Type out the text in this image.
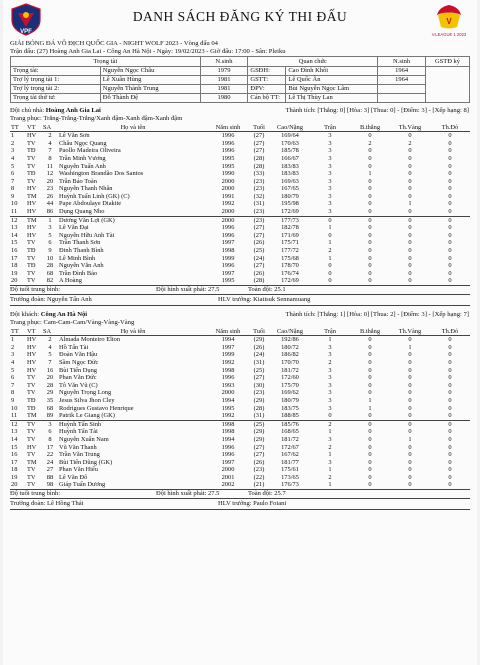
VPF
DANH SÁCH ĐĂNG KÝ THI ĐẤU	V
V.LEAGUE 1 2023
GIẢI BÓNG ĐÁ VÔ ĐỊCH QUỐC GIA - NIGHT WOLF 2023 - Vòng đấu 04
Trận đấu: (27) Hoàng Anh Gia Lai - Công An Hà Nội - Ngày: 19/02/2023 - Giờ đấu: 17:00 - Sân: Pleiku
Trọng tài		N.sinh	Quan chức		N.sinh	GSTĐ ký
Trọng tài:	Nguyễn Ngọc Châu	1979	GSĐH:	Cao Đình Khôi	1964	
Trợ lý trọng tài 1:	Lê Xuân Hùng	1981	GSTT:	Lê Quốc Ân	1964	
Trợ lý trọng tài 2:	Nguyễn Thành Trung	1981	ĐPV:	Bùi Nguyễn Ngọc Lâm		
Trọng tài thứ tư:	Đỗ Thành Đệ	1980	Cán bộ TT:	Lê Thị Thùy Lan		
Đội chủ nhà: Hoàng Anh Gia Lai	Thành tích: [Thắng: 0] [Hòa: 3] [Thua: 0] - [Điểm: 3] - [Xếp hạng: 8]
Trang phục: Trắng-Trắng-Trắng/Xanh đậm-Xanh đậm-Xanh đậm
TT	VT	SA	Họ và tên	Năm sinh	Tuổi	Cao/Nặng	Trận	B.thắng	Th.Vàng	Th.Đỏ
1	HV	2	Lê Văn Sơn	1996	(27)	169/64	3	0	0	0
2	TV	4	Châu Ngọc Quang	1996	(27)	170/63	3	2	2	0
3	TĐ	7	Paollo Madeira Oliveira	1996	(27)	185/78	3	0	0	0
4	TV	8	Trần Minh Vương	1995	(28)	166/67	3	0	0	0
5	TV	11	Nguyễn Tuấn Anh	1995	(28)	183/83	3	0	0	0
6	TĐ	12	Washington Brandão Dos Santos	1990	(33)	183/83	3	1	0	0
7	TV	20	Trần Bảo Toàn	2000	(23)	169/63	3	0	0	0
8	HV	23	Nguyễn Thanh Nhân	2000	(23)	167/65	3	0	0	0
9	TM	26	Huỳnh Tuấn Linh (GK) (C)	1991	(32)	180/79	3	0	0	0
10	HV	44	Pape Abdoulaye Diakite	1992	(31)	195/98	3	0	1	0
11	HV	86	Dụng Quang Nho	2000	(23)	172/69	3	0	0	0
12	TM	1	Dương Văn Lợi (GK)	2000	(23)	177/73	0	0	0	0
13	HV	3	Lê Văn Đại	1996	(27)	182/78	1	0	0	0
14	HV	5	Nguyễn Hữu Anh Tài	1996	(27)	171/69	0	0	0	0
15	TV	6	Trần Thanh Sơn	1997	(26)	175/71	1	0	0	0
16	TĐ	9	Đinh Thanh Bình	1998	(25)	177/72	2	0	0	0
17	TV	10	Lê Minh Bình	1999	(24)	175/68	1	0	0	0
18	TĐ	28	Nguyễn Văn Anh	1996	(27)	178/70	0	0	0	0
19	TV	68	Trần Đình Bảo	1997	(26)	176/74	0	0	0	0
20	TV	82	A Hoàng	1995	(28)	172/69	0	0	0	0
Độ tuổi trung bình:	Đội hình xuất phát: 27.5	Toàn đội: 25.1
Trưởng đoàn: Nguyễn Tấn Anh	HLV trưởng: Kiatisuk Sennamuang
Đội khách: Công An Hà Nội	Thành tích: [Thắng: 1] [Hòa: 0] [Thua: 2] - [Điểm: 3] - [Xếp hạng: 7]
Trang phục: Cam-Cam-Cam/Vàng-Vàng-Vàng
TT	VT	SA	Họ và tên	Năm sinh	Tuổi	Cao/Nặng	Trận	B.thắng	Th.Vàng	Th.Đỏ
1	HV	2	Almada Monteiro Elton	1994	(29)	192/86	1	0	0	0
2	HV	4	Hồ Tấn Tài	1997	(26)	180/72	3	0	1	0
3	HV	5	Đoàn Văn Hậu	1999	(24)	186/82	3	0	0	0
4	HV	7	Sầm Ngọc Đức	1992	(31)	170/70	2	0	0	0
5	HV	16	Bùi Tiến Dụng	1998	(25)	181/72	3	0	0	0
6	TV	20	Phan Văn Đức	1996	(27)	172/60	3	0	0	0
7	TV	28	Tô Văn Vũ (C)	1993	(30)	175/70	3	0	0	0
8	TV	29	Nguyễn Trọng Long	2000	(23)	169/62	3	0	0	0
9	TĐ	35	Jesus Silva Jhon Cley	1994	(29)	180/79	3	1	0	0
10	TĐ	68	Rodrigues Gustavo Henrique	1995	(28)	183/75	3	1	0	0
11	TM	89	Patrik Le Giang (GK)	1992	(31)	188/85	0	0	0	0
12	TV	3	Huỳnh Tấn Sinh	1998	(25)	185/76	2	0	0	0
13	TV	6	Huỳnh Tấn Tài	1998	(29)	168/65	1	0	0	0
14	TV	8	Nguyễn Xuân Nam	1994	(29)	181/72	3	0	1	0
15	HV	17	Vũ Văn Thanh	1996	(27)	172/67	2	0	0	0
16	TV	22	Trần Văn Trung	1996	(27)	167/62	1	0	0	0
17	TM	24	Bùi Tiến Dũng (GK)	1997	(26)	181/77	3	0	0	0
18	TV	27	Phan Văn Hiếu	2000	(23)	175/61	1	0	0	0
19	TV	88	Lê Văn Đô	2001	(22)	173/65	2	0	0	0
20	TV	98	Giáp Tuấn Dương	2002	(21)	176/73	1	0	0	0
Độ tuổi trung bình:	Đội hình xuất phát: 27.5	Toàn đội: 25.7
Trưởng đoàn: Lê Hồng Thái	HLV trưởng: Paulo Foiani
